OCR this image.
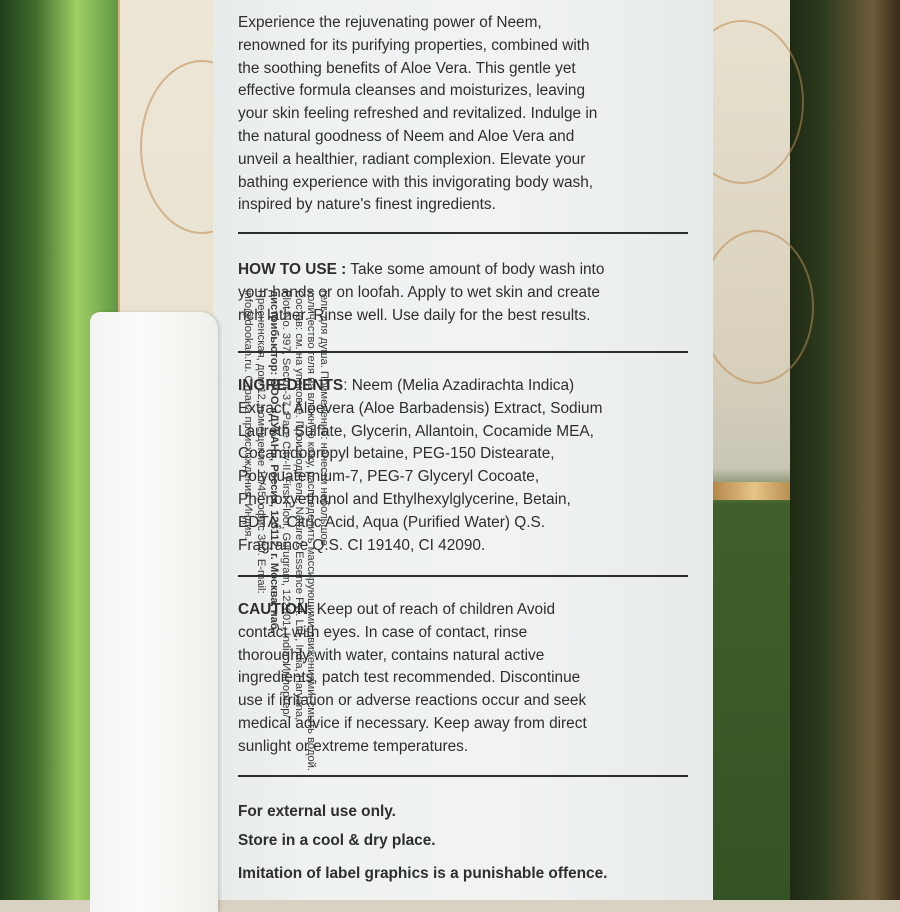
Experience the rejuvenating power of Neem,
renowned for its purifying properties, combined with
the soothing benefits of Aloe Vera. This gentle yet
effective formula cleanses and moisturizes, leaving
your skin feeling refreshed and revitalized. Indulge in
the natural goodness of Neem and Aloe Vera and
unveil a healthier, radiant complexion. Elevate your
bathing experience with this invigorating body wash,
inspired by nature's finest ingredients.
HOW TO USE : Take some amount of body wash into
your hands or on loofah. Apply to wet skin and create
rich lather. Rinse well. Use daily for the best results.
INGREDIENTS: Neem (Melia Azadirachta Indica)
Extract, Aloevera (Aloe Barbadensis) Extract, Sodium
Laureth Sulfate, Glycerin, Allantoin, Cocamide MEA,
Cocamidopropyl betaine, PEG-150 Distearate,
Polyquaternium-7, PEG-7 Glyceryl Cocoate,
Phenoxyethanol and Ethylhexylglycerine, Betain,
EDTA, Citric Acid, Aqua (Purified Water) Q.S.
Fragrance Q.S. CI 19140, CI 42090.
CAUTION: Keep out of reach of children Avoid
contact with eyes. In case of contact, rinse
thoroughly with water, contains natural active
ingredients, patch test recommended. Discontinue
use if irritation or adverse reactions occur and seek
medical advice if necessary. Keep away from direct
sunlight or extreme temperatures.
For external use only.
Store in a cool & dry place.
Imitation of label graphics is a punishable offence.
гель для душа. Применение: нанести небольшое
количество геля на влажную кожу, распределить массирующими движениями, смыть водой.
Состав: см. на упаковке. Производитель: Nature's Essence Pvt. Ltd., India, Haryana,
Plot No. 397, Sector-37, Pace City-II, First Floor, Gurugram, 122001, India. Импортер/
дистрибьютор: ООО «ДУКАН», Россия, 123112, г. Москва, наб.
Пресненская, дом 12, помещение 10/45, офис 380. E-mail:
info@dookan.ru. Страна происхождения: Индия.
